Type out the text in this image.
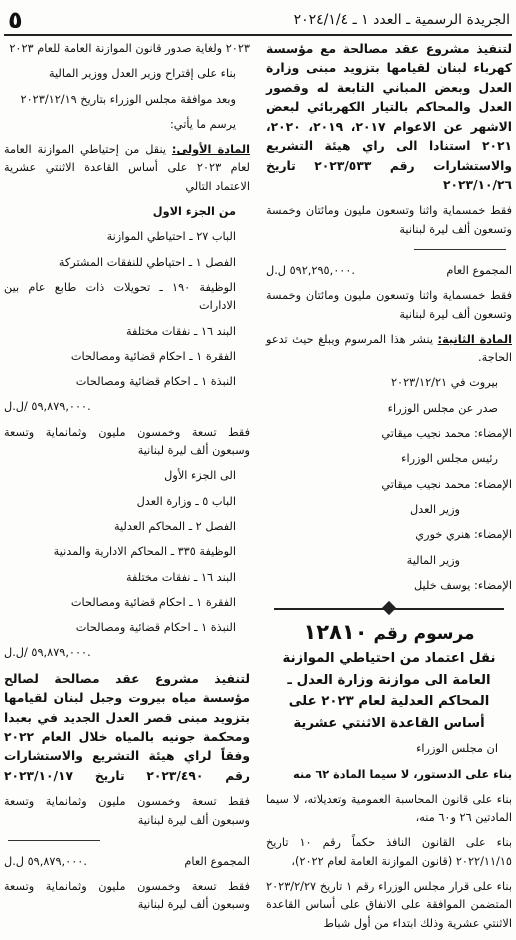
الجريدة الرسمية ـ العدد ١ ـ ٢٠٢٤/١/٤
٥

لتنفيذ مشروع عقد مصالحة مع مؤسسة كهرباء لبنان لقيامها بتزويد مبنى وزارة العدل وبعض المباني التابعة له وقصور العدل والمحاكم بالتيار الكهربائي لبعض الاشهر عن الاعوام ٢٠١٧، ٢٠١٩، ٢٠٢٠، ٢٠٢١ استنادا الى راي هيئة التشريع والاستشارات رقم ٢٠٢٣/٥٣٣ تاريخ ٢٠٢٣/١٠/٢٦

فقط خمسماية واثنا وتسعون مليون ومائتان وخمسة وتسعون ألف ليرة لبنانية

المجموع العام
٥٩٢,٢٩٥,٠٠٠ ل.ل.

فقط خمسماية واثنا وتسعون مليون ومائتان وخمسة وتسعون ألف ليرة لبنانية

المادة الثانية: ينشر هذا المرسوم ويبلغ حيث تدعو الحاجة.

بيروت في ٢٠٢٣/١٢/٢١

صدر عن مجلس الوزراء

الإمضاء: محمد نجيب ميقاتي

رئيس مجلس الوزراء

الإمضاء: محمد نجيب ميقاتي

وزير العدل

الإمضاء: هنري خوري

وزير المالية

الإمضاء: يوسف خليل

مرسوم رقم ١٢٨١٠
نقل اعتماد من احتياطي الموازنة العامة الى موازنة وزارة العدل ـ المحاكم العدلية لعام ٢٠٢٣ على أساس القاعدة الاثنتي عشرية

ان مجلس الوزراء

بناء على الدستور، لا سيما المادة ٦٢ منه

بناء على قانون المحاسبة العمومية وتعديلاته، لا سيما المادتين ٢٦ و٦٠ منه،

بناء على القانون النافذ حكماً رقم ١٠ تاريخ ٢٠٢٢/١١/١٥ (قانون الموازنة العامة لعام ٢٠٢٢)،

بناء على قرار مجلس الوزراء رقم ١ تاريخ ٢٠٢٣/٢/٢٧ المتضمن الموافقة على الانفاق على أساس القاعدة الاثنتي عشرية وذلك ابتداء من أول شباط

٢٠٢٣ ولغاية صدور قانون الموازنة العامة للعام ٢٠٢٣

بناء على إقتراح وزير العدل ووزير المالية

وبعد موافقة مجلس الوزراء بتاريخ ٢٠٢٣/١٢/١٩

يرسم ما يأتي:

المادة الأولى: ينقل من إحتياطي الموازنة العامة لعام ٢٠٢٣ على أساس القاعدة الاثنتي عشرية الاعتماد التالي

من الجزء الاول

الباب ٢٧ ـ احتياطي الموازنة

الفصل ١ ـ احتياطي للنفقات المشتركة

الوظيفة ١٩٠ ـ تحويلات ذات طابع عام بين الادارات

البند ١٦ ـ نفقات مختلفة

الفقرة ١ ـ احكام قضائية ومصالحات

النبذة ١ ـ احكام قضائية ومصالحات

٥٩,٨٧٩,٠٠٠ /ل.ل.

فقط تسعة وخمسون مليون وثمانماية وتسعة وسبعون ألف ليرة لبنانية

الى الجزء الأول

الباب ٥ ـ وزارة العدل

الفصل ٢ ـ المحاكم العدلية

الوظيفة ٣٣٥ ـ المحاكم الادارية والمدنية

البند ١٦ ـ نفقات مختلفة

الفقرة ١ ـ احكام قضائية ومصالحات

النبذة ١ ـ احكام قضائية ومصالحات

٥٩,٨٧٩,٠٠٠ /ل.ل.

لتنفيذ مشروع عقد مصالحة لصالح مؤسسة مياه بيروت وجبل لبنان لقيامها بتزويد مبنى قصر العدل الجديد في بعبدا ومحكمة جونيه بالمياه خلال العام ٢٠٢٢ وفقاً لراي هيئة التشريع والاستشارات رقم ٢٠٢٣/٤٩٠ تاريخ ٢٠٢٣/١٠/١٧

فقط تسعة وخمسون مليون وثمانماية وتسعة وسبعون ألف ليرة لبنانية

المجموع العام
٥٩,٨٧٩,٠٠٠ ل.ل.

فقط تسعة وخمسون مليون وثمانماية وتسعة وسبعون ألف ليرة لبنانية
